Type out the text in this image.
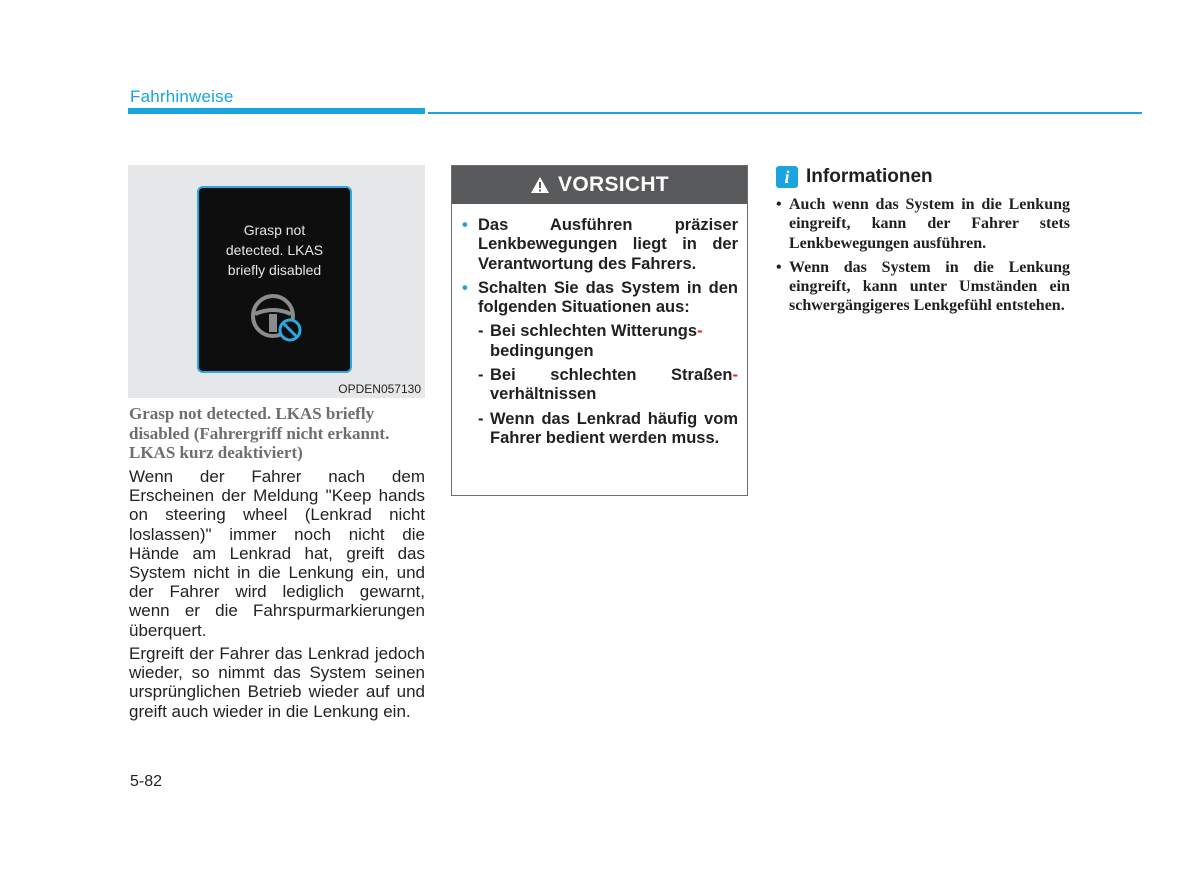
Fahrhinweise
Grasp not
detected. LKAS
briefly disabled
OPDEN057130
Grasp not detected. LKAS briefly disabled (Fahrergriff nicht erkannt. LKAS kurz deaktiviert)

Wenn der Fahrer nach dem Erscheinen der Meldung "Keep hands on steering wheel (Lenkrad nicht loslassen)" immer noch nicht die Hände am Lenkrad hat, greift das System nicht in die Lenkung ein, und der Fahrer wird lediglich gewarnt, wenn er die Fahrspurmarkierungen überquert.

Ergreift der Fahrer das Lenkrad jedoch wieder, so nimmt das System seinen ursprünglichen Betrieb wieder auf und greift auch wieder in die Lenkung ein.

VORSICHT
• Das Ausführen präziser Lenkbewegungen liegt in der Verantwortung des Fahrers.
• Schalten Sie das System in den folgenden Situationen aus:
- Bei schlechten Witterungs-
bedingungen
- Bei schlechten Straßen-
verhältnissen
- Wenn das Lenkrad häufig vom Fahrer bedient werden muss.
i Informationen
• Auch wenn das System in die Lenkung eingreift, kann der Fahrer stets Lenkbewegungen ausführen.
• Wenn das System in die Lenkung eingreift, kann unter Umständen ein schwergängigeres Lenkgefühl entstehen.
5-82
